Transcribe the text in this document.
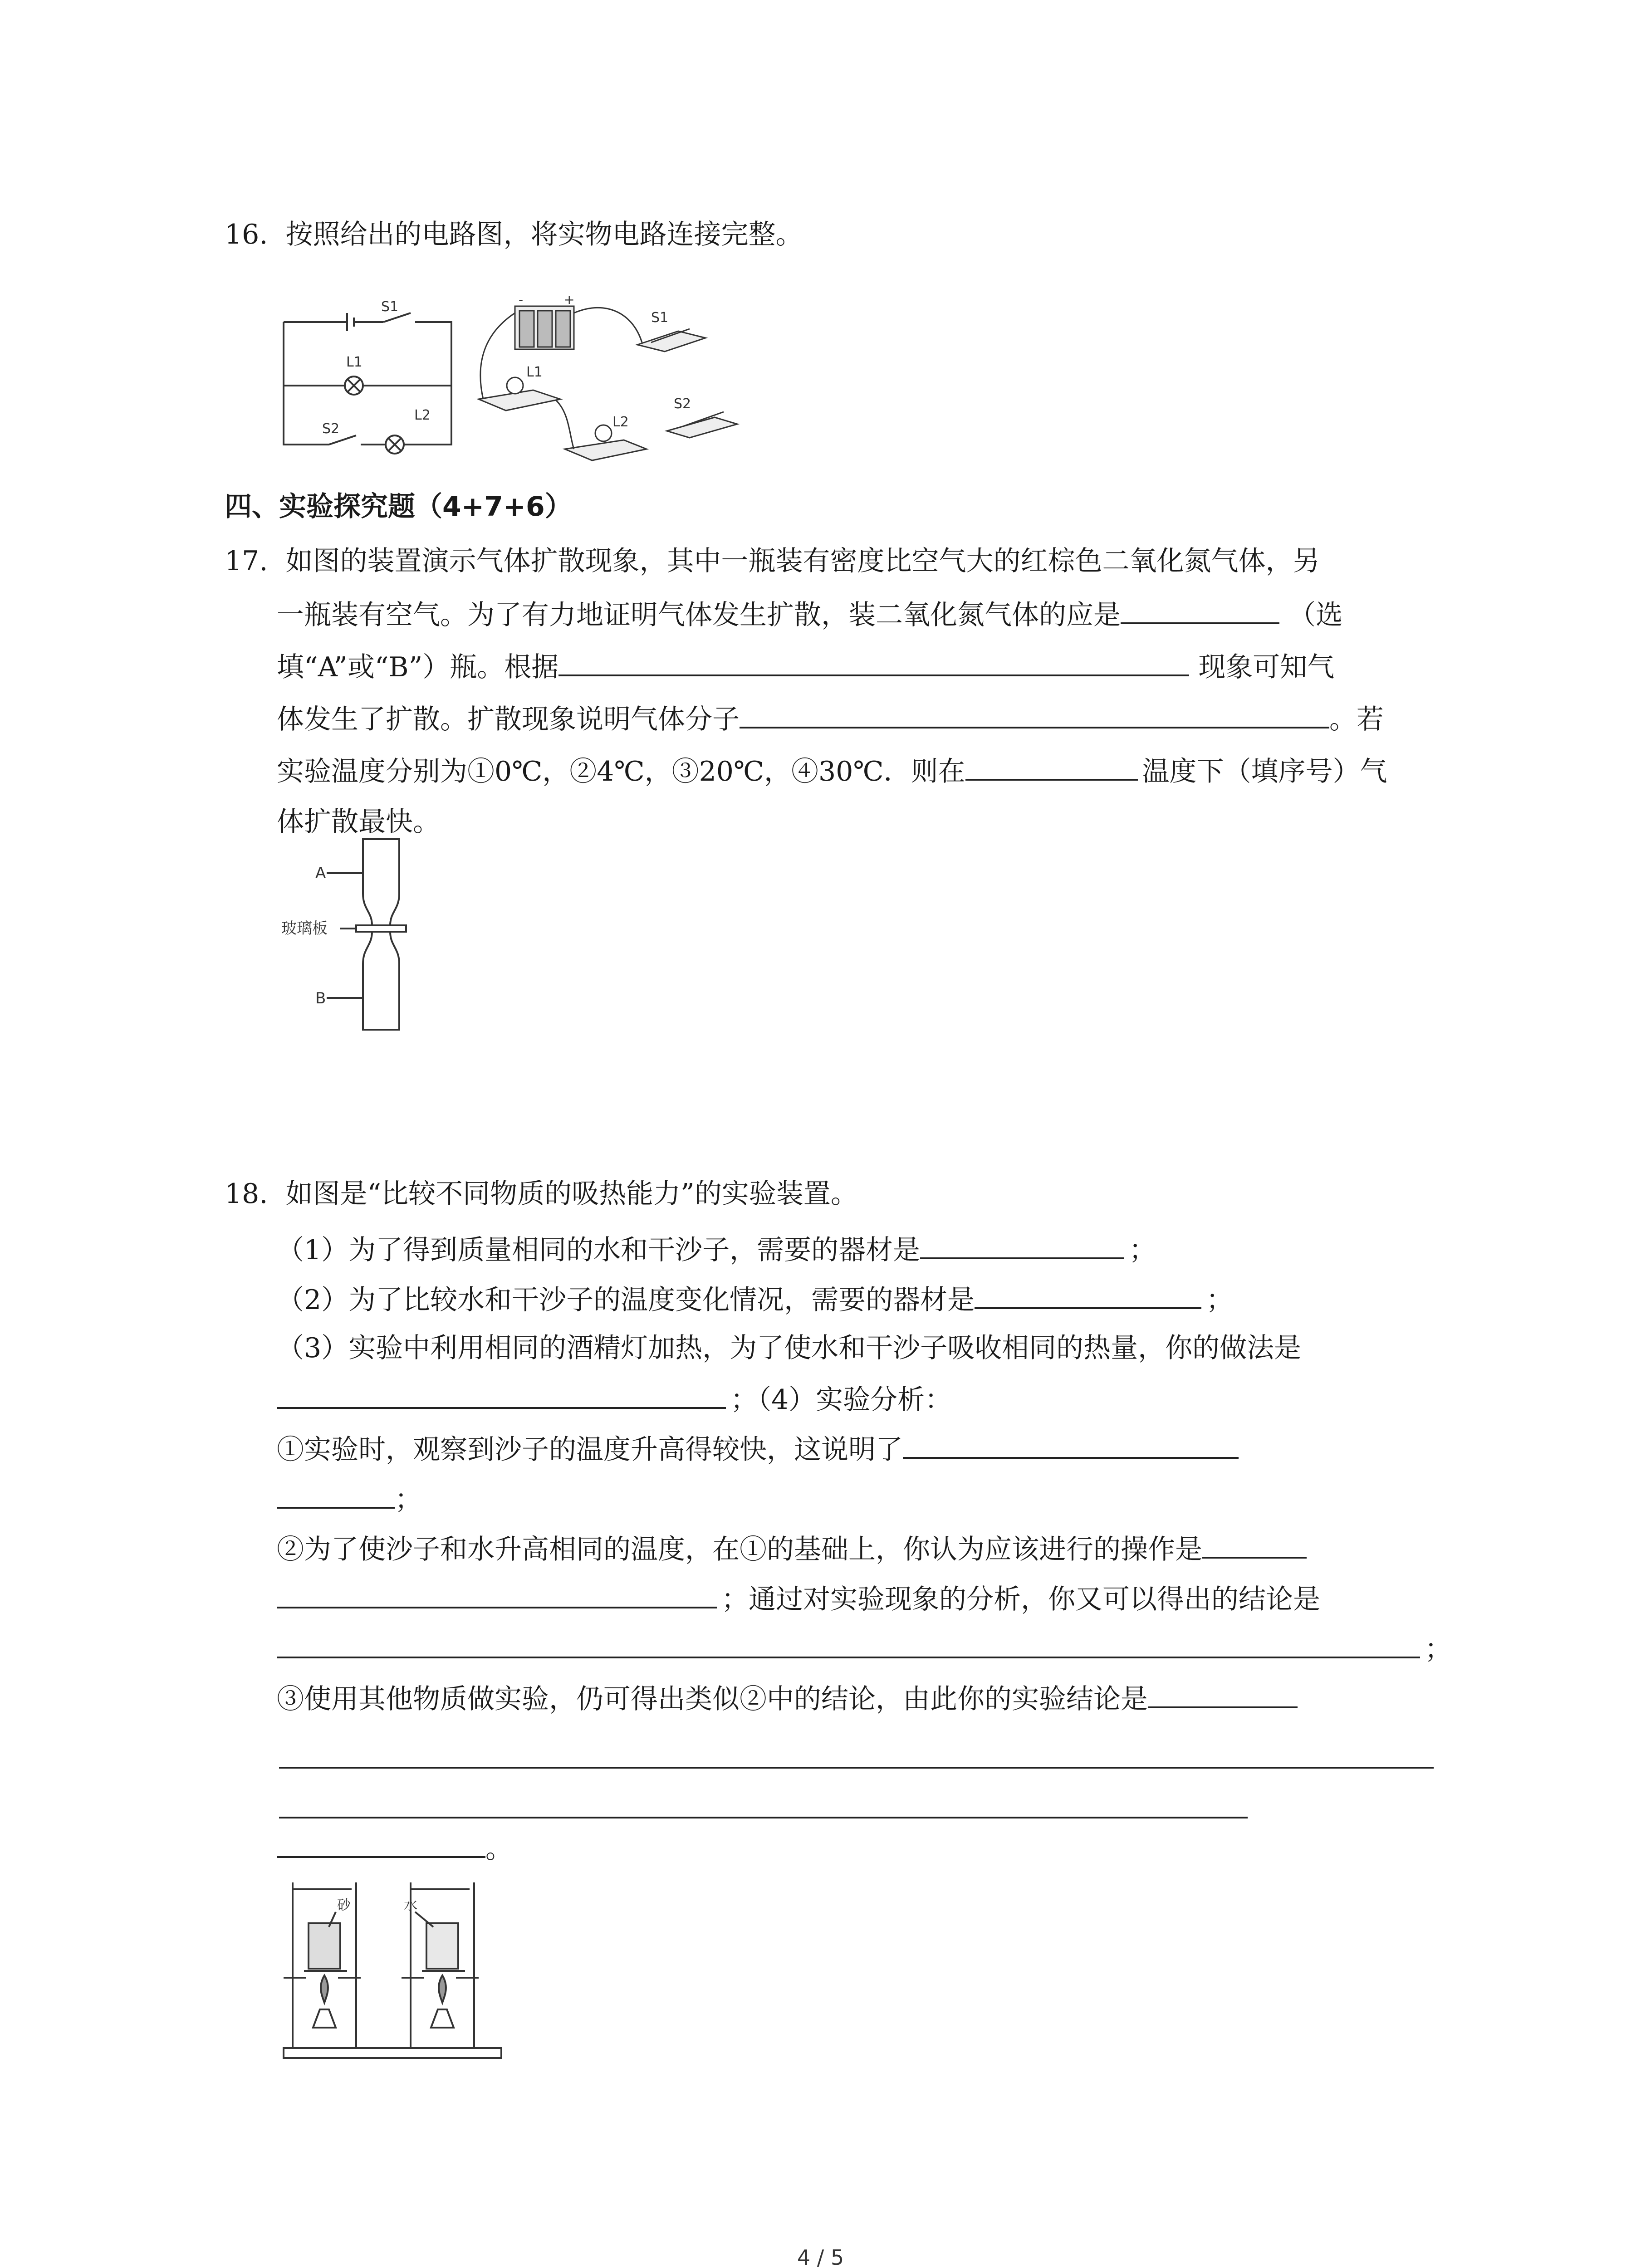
16. 按照给出的电路图，将实物电路连接完整。
S1
L1
L2
S2
-	+
S1
L1
L2
S2
四、实验探究题（4+7+6）
17. 如图的装置演示气体扩散现象，其中一瓶装有密度比空气大的红棕色二氧化氮气体，另
一瓶装有空气。为了有力地证明气体发生扩散，装二氧化氮气体的应是	（选
填“A”或“B”）瓶。根据	现象可知气
体发生了扩散。扩散现象说明气体分子	。若
实验温度分别为①0℃，②4℃，③20℃，④30℃．则在	温度下（填序号）气
体扩散最快。
A
玻璃板
B
18. 如图是“比较不同物质的吸热能力”的实验装置。
（1）为了得到质量相同的水和干沙子，需要的器材是	；
（2）为了比较水和干沙子的温度变化情况，需要的器材是	；
（3）实验中利用相同的酒精灯加热，为了使水和干沙子吸收相同的热量，你的做法是
；（4）实验分析：
①实验时，观察到沙子的温度升高得较快，这说明了
；
②为了使沙子和水升高相同的温度，在①的基础上，你认为应该进行的操作是
；通过对实验现象的分析，你又可以得出的结论是
；
③使用其他物质做实验，仍可得出类似②中的结论，由此你的实验结论是
。
砂	水
4 / 5
